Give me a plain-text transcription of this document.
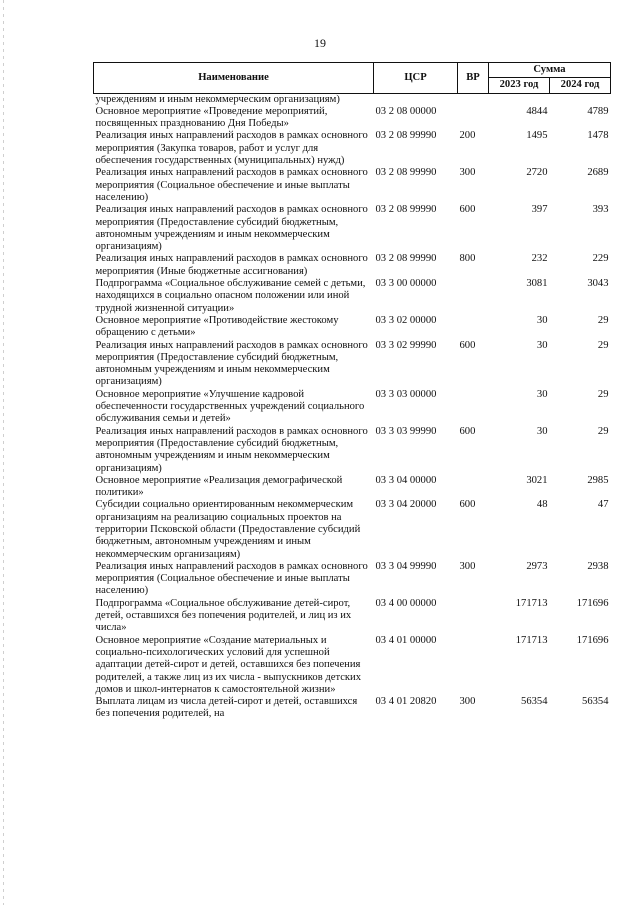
19
Наименование	ЦСР	ВР	Сумма	
			2023 год	2024 год
учреждениям и иным некоммерческим организациям)				
Основное мероприятие «Проведение мероприятий, посвященных празднованию Дня Победы»	03 2 08 00000		4844	4789
Реализация иных направлений расходов в рамках основного мероприятия (Закупка товаров, работ и услуг для обеспечения государственных (муниципальных) нужд)	03 2 08 99990	200	1495	1478
Реализация иных направлений расходов в рамках основного мероприятия (Социальное обеспечение и иные выплаты населению)	03 2 08 99990	300	2720	2689
Реализация иных направлений расходов в рамках основного мероприятия (Предоставление субсидий бюджетным, автономным учреждениям и иным некоммерческим организациям)	03 2 08 99990	600	397	393
Реализация иных направлений расходов в рамках основного мероприятия (Иные бюджетные ассигнования)	03 2 08 99990	800	232	229
Подпрограмма «Социальное обслуживание семей с детьми, находящихся в социально опасном положении или иной трудной жизненной ситуации»	03 3 00 00000		3081	3043
Основное мероприятие «Противодействие жестокому обращению с детьми»	03 3 02 00000		30	29
Реализация иных направлений расходов в рамках основного мероприятия (Предоставление субсидий бюджетным, автономным учреждениям и иным некоммерческим организациям)	03 3 02 99990	600	30	29
Основное мероприятие «Улучшение кадровой обеспеченности государственных учреждений социального обслуживания семьи и детей»	03 3 03 00000		30	29
Реализация иных направлений расходов в рамках основного мероприятия (Предоставление субсидий бюджетным, автономным учреждениям и иным некоммерческим организациям)	03 3 03 99990	600	30	29
Основное мероприятие «Реализация демографической политики»	03 3 04 00000		3021	2985
Субсидии социально ориентированным некоммерческим организациям на реализацию социальных проектов на территории Псковской области (Предоставление субсидий бюджетным, автономным учреждениям и иным некоммерческим организациям)	03 3 04 20000	600	48	47
Реализация иных направлений расходов в рамках основного мероприятия (Социальное обеспечение и иные выплаты населению)	03 3 04 99990	300	2973	2938
Подпрограмма «Социальное обслуживание детей-сирот, детей, оставшихся без попечения родителей, и лиц из их числа»	03 4 00 00000		171713	171696
Основное мероприятие «Создание материальных и социально-психологических условий для успешной адаптации детей-сирот и детей, оставшихся без попечения родителей, а также лиц из их числа - выпускников детских домов и школ-интернатов к самостоятельной жизни»	03 4 01 00000		171713	171696
Выплата лицам из числа детей-сирот и детей, оставшихся без попечения родителей, на	03 4 01 20820	300	56354	56354
